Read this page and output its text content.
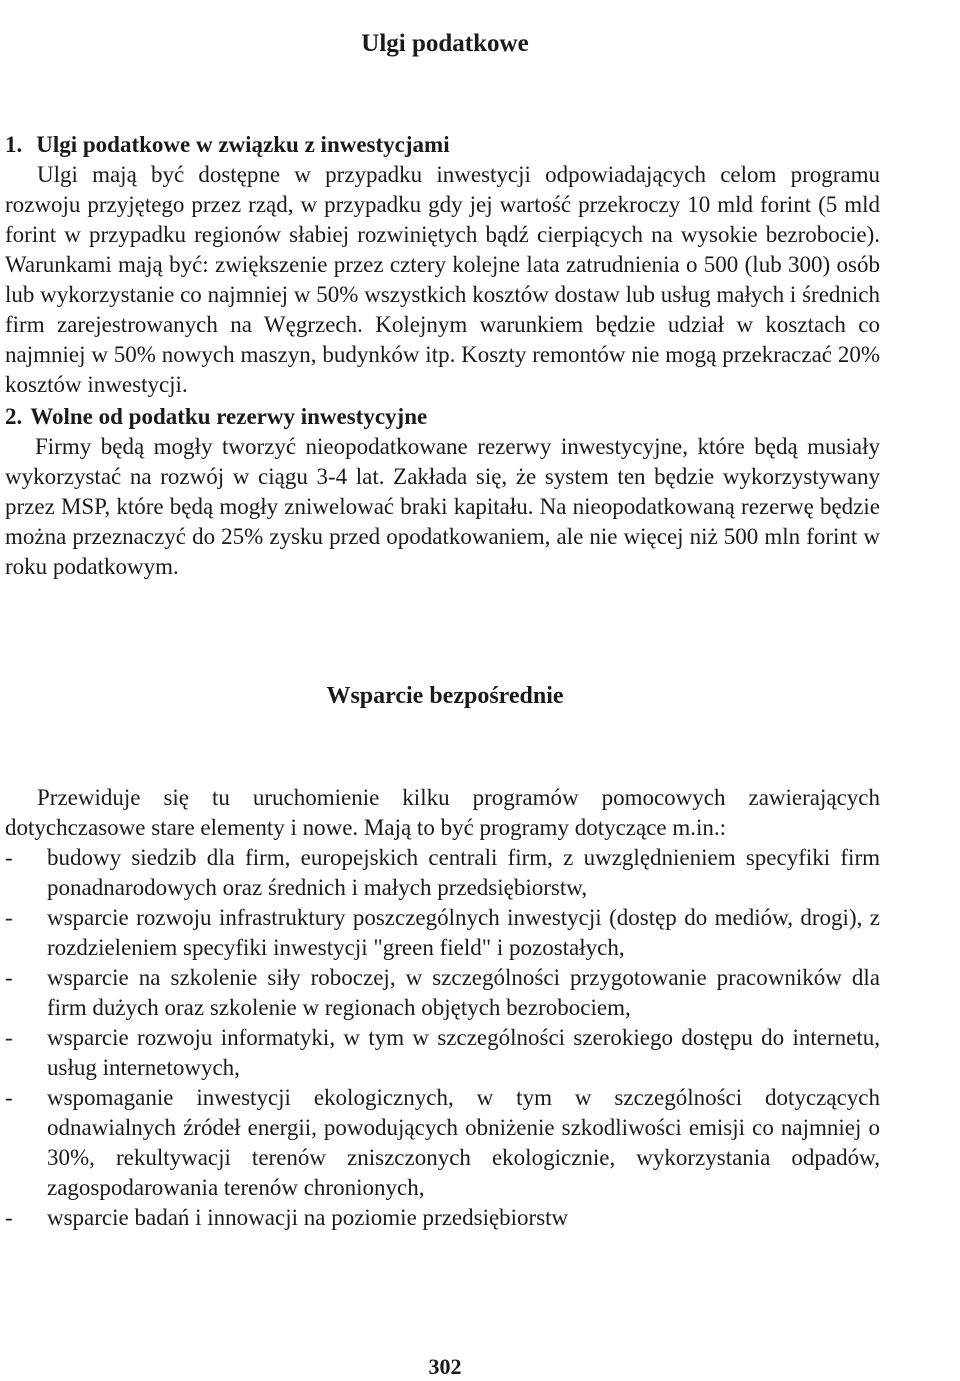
Ulgi podatkowe

1. Ulgi podatkowe w związku z inwestycjami

Ulgi mają być dostępne w przypadku inwestycji odpowiadających celom programu rozwoju przyjętego przez rząd, w przypadku gdy jej wartość przekroczy 10 mld forint (5 mld forint w przypadku regionów słabiej rozwiniętych bądź cierpiących na wysokie bezrobocie). Warunkami mają być: zwiększenie przez cztery kolejne lata zatrudnienia o 500 (lub 300) osób lub wykorzystanie co najmniej w 50% wszystkich kosztów dostaw lub usług małych i średnich firm zarejestrowanych na Węgrzech. Kolejnym warunkiem będzie udział w kosztach co najmniej w 50% nowych maszyn, budynków itp. Koszty remontów nie mogą przekraczać 20% kosztów inwestycji.

2. Wolne od podatku rezerwy inwestycyjne

Firmy będą mogły tworzyć nieopodatkowane rezerwy inwestycyjne, które będą musiały wykorzystać na rozwój w ciągu 3-4 lat. Zakłada się, że system ten będzie wykorzystywany przez MSP, które będą mogły zniwelować braki kapitału. Na nieopodatkowaną rezerwę będzie można przeznaczyć do 25% zysku przed opodatkowaniem, ale nie więcej niż 500 mln forint w roku podatkowym.

Wsparcie bezpośrednie

Przewiduje się tu uruchomienie kilku programów pomocowych zawierających dotychczasowe stare elementy i nowe. Mają to być programy dotyczące m.in.:

- budowy siedzib dla firm, europejskich centrali firm, z uwzględnieniem specyfiki firm ponadnarodowych oraz średnich i małych przedsiębiorstw,
- wsparcie rozwoju infrastruktury poszczególnych inwestycji (dostęp do mediów, drogi), z rozdzieleniem specyfiki inwestycji "green field" i pozostałych,
- wsparcie na szkolenie siły roboczej, w szczególności przygotowanie pracowników dla firm dużych oraz szkolenie w regionach objętych bezrobociem,
- wsparcie rozwoju informatyki, w tym w szczególności szerokiego dostępu do internetu, usług internetowych,
- wspomaganie inwestycji ekologicznych, w tym w szczególności dotyczących odnawialnych źródeł energii, powodujących obniżenie szkodliwości emisji co najmniej o 30%, rekultywacji terenów zniszczonych ekologicznie, wykorzystania odpadów, zagospodarowania terenów chronionych,
- wsparcie badań i innowacji na poziomie przedsiębiorstw
302
